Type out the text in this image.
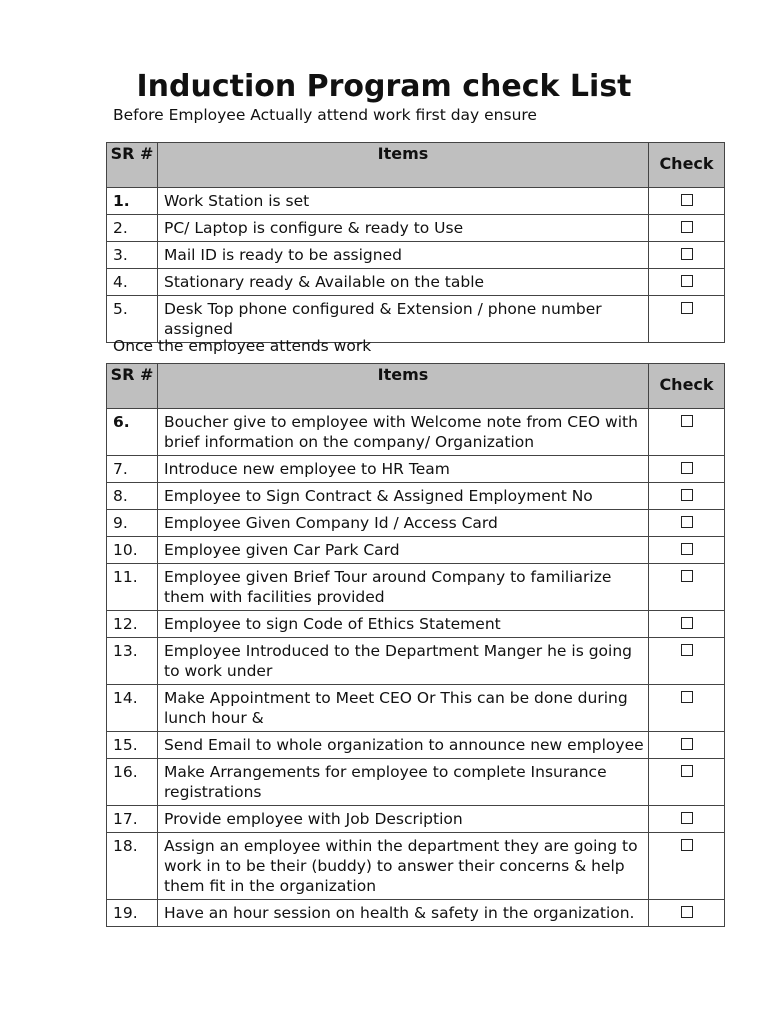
Induction Program check List
Before Employee Actually attend work first day ensure
SR #	Items	Check
1.	Work Station is set	
2.	PC/ Laptop is configure & ready to Use	
3.	Mail ID is ready to be assigned	
4.	Stationary ready & Available on the table	
5.	Desk Top phone configured & Extension / phone number assigned	
Once the employee attends work
SR #	Items	Check
6.	Boucher give to employee with Welcome note from CEO with brief information on the company/ Organization	
7.	Introduce new employee to HR Team	
8.	Employee to Sign Contract & Assigned Employment No	
9.	Employee Given Company Id / Access Card	
10.	Employee given Car Park Card	
11.	Employee given Brief Tour around Company to familiarize them with facilities provided	
12.	Employee to sign Code of Ethics Statement	
13.	Employee Introduced to the Department Manger he is going to work under	
14.	Make Appointment to Meet CEO Or This can be done during lunch hour &	
15.	Send Email to whole organization to announce new employee	
16.	Make Arrangements for employee to complete Insurance registrations	
17.	Provide employee with Job Description	
18.	Assign an employee within the department they are going to work in to be their (buddy) to answer their concerns & help them fit in the organization	
19.	Have an hour session on health & safety in the organization.	
